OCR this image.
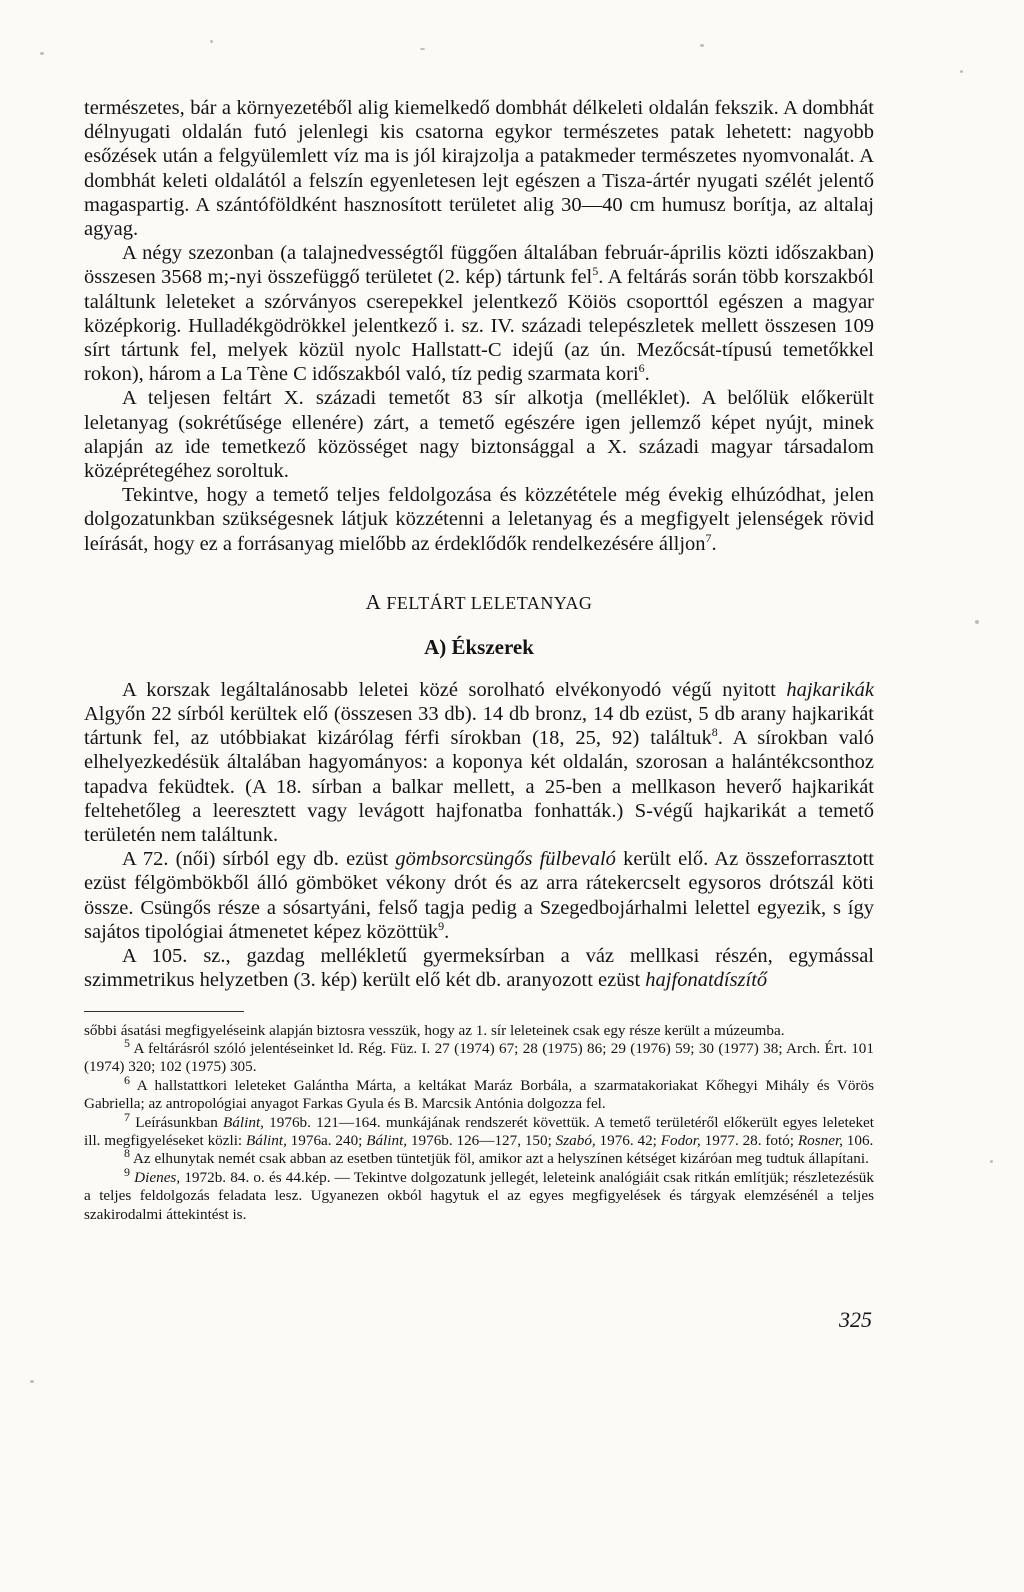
természetes, bár a környezetéből alig kiemelkedő dombhát délkeleti oldalán fekszik. A dombhát délnyugati oldalán futó jelenlegi kis csatorna egykor természetes patak lehetett: nagyobb esőzések után a felgyülemlett víz ma is jól kirajzolja a patakmeder természetes nyomvonalát. A dombhát keleti oldalától a felszín egyenletesen lejt egészen a Tisza-ártér nyugati szélét jelentő magaspartig. A szántóföldként hasznosított területet alig 30—40 cm humusz borítja, az altalaj agyag.

A négy szezonban (a talajnedvességtől függően általában február-április közti időszakban) összesen 3568 m;-nyi összefüggő területet (2. kép) tártunk fel$^5$. A feltárás során több korszakból találtunk leleteket a szórványos cserepekkel jelentkező Köiös csoporttól egészen a magyar középkorig. Hulladékgödrökkel jelentkező i. sz. IV. századi telepészletek mellett összesen 109 sírt tártunk fel, melyek közül nyolc Hallstatt-C idejű (az ún. Mezőcsát-típusú temetőkkel rokon), három a La Tène C időszakból való, tíz pedig szarmata kori$^6$.

A teljesen feltárt X. századi temetőt 83 sír alkotja (melléklet). A belőlük előkerült leletanyag (sokrétűsége ellenére) zárt, a temető egészére igen jellemző képet nyújt, minek alapján az ide temetkező közösséget nagy biztonsággal a X. századi magyar társadalom középrétegéhez soroltuk.

Tekintve, hogy a temető teljes feldolgozása és közzététele még évekig elhúzódhat, jelen dolgozatunkban szükségesnek látjuk közzétenni a leletanyag és a megfigyelt jelenségek rövid leírását, hogy ez a forrásanyag mielőbb az érdeklődők rendelkezésére álljon$^7$.

A FELTÁRT LELETANYAG
A) Ékszerek

A korszak legáltalánosabb leletei közé sorolható elvékonyodó végű nyitott hajkarikák Algyőn 22 sírból kerültek elő (összesen 33 db). 14 db bronz, 14 db ezüst, 5 db arany hajkarikát tártunk fel, az utóbbiakat kizárólag férfi sírokban (18, 25, 92) találtuk$^8$. A sírokban való elhelyezkedésük általában hagyományos: a koponya két oldalán, szorosan a halántékcsonthoz tapadva feküdtek. (A 18. sírban a balkar mellett, a 25-ben a mellkason heverő hajkarikát feltehetőleg a leeresztett vagy levágott hajfonatba fonhatták.) S-végű hajkarikát a temető területén nem találtunk.

A 72. (női) sírból egy db. ezüst gömbsorcsüngős fülbevaló került elő. Az összeforrasztott ezüst félgömbökből álló gömböket vékony drót és az arra rátekercselt egysoros drótszál köti össze. Csüngős része a sósartyáni, felső tagja pedig a Szegedbojárhalmi lelettel egyezik, s így sajátos tipológiai átmenetet képez közöttük$^9$.

A 105. sz., gazdag mellékletű gyermeksírban a váz mellkasi részén, egymással szimmetrikus helyzetben (3. kép) került elő két db. aranyozott ezüst hajfonatdíszítő

sőbbi ásatási megfigyeléseink alapján biztosra vesszük, hogy az 1. sír leleteinek csak egy része került a múzeumba.

$^5$ A feltárásról szóló jelentéseinket ld. Rég. Füz. I. 27 (1974) 67; 28 (1975) 86; 29 (1976) 59; 30 (1977) 38; Arch. Ért. 101 (1974) 320; 102 (1975) 305.

$^6$ A hallstattkori leleteket Galántha Márta, a keltákat Maráz Borbála, a szarmatakoriakat Kőhegyi Mihály és Vörös Gabriella; az antropológiai anyagot Farkas Gyula és B. Marcsik Antónia dolgozza fel.

$^7$ Leírásunkban Bálint, 1976b. 121—164. munkájának rendszerét követtük. A temető területéről előkerült egyes leleteket ill. megfigyeléseket közli: Bálint, 1976a. 240; Bálint, 1976b. 126—127, 150; Szabó, 1976. 42; Fodor, 1977. 28. fotó; Rosner, 106.

$^8$ Az elhunytak nemét csak abban az esetben tüntetjük föl, amikor azt a helyszínen kétséget kizáróan meg tudtuk állapítani.

$^9$ Dienes, 1972b. 84. o. és 44.kép. — Tekintve dolgozatunk jellegét, leleteink analógiáit csak ritkán említjük; részletezésük a teljes feldolgozás feladata lesz. Ugyanezen okból hagytuk el az egyes megfigyelések és tárgyak elemzésénél a teljes szakirodalmi áttekintést is.

325
